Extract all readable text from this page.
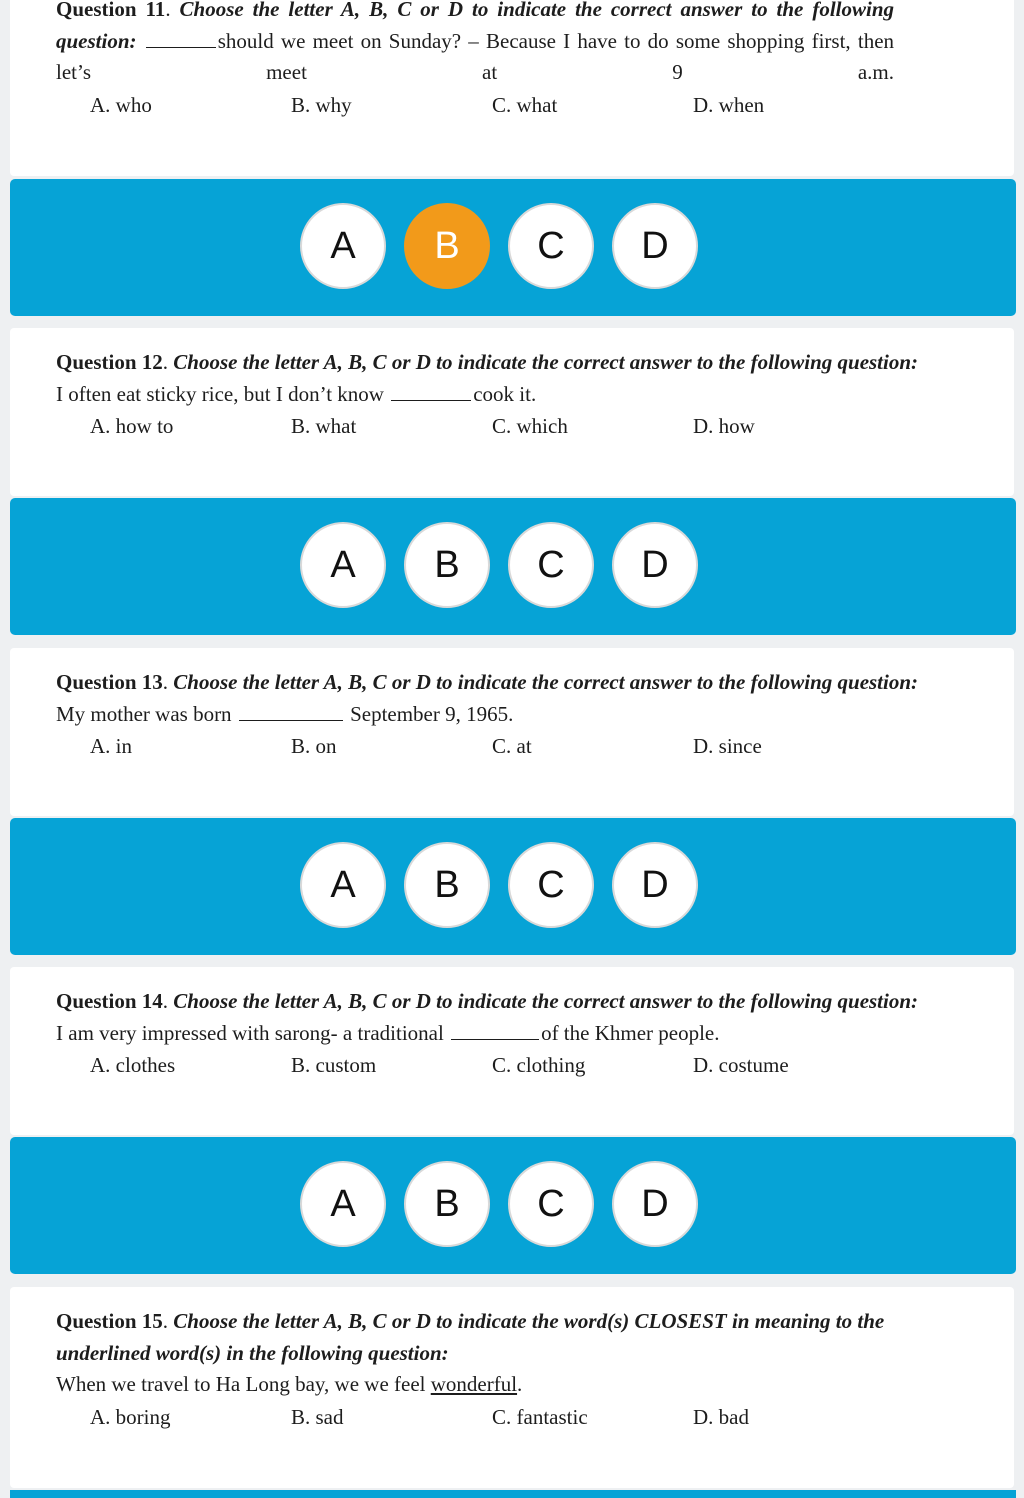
Question 11. Choose the letter A, B, C or D to indicate the correct answer to the following question:	should we meet on Sunday? – Because I have to do some shopping first, then let’s meet at 9 a.m.

A. who	B. why	C. what	D. when
A	B	C	D

Question 12. Choose the letter A, B, C or D to indicate the correct answer to the following question:

I often eat sticky rice, but I don’t know	cook it.

A. how to	B. what	C. which	D. how
A	B	C	D

Question 13. Choose the letter A, B, C or D to indicate the correct answer to the following question:

My mother was born	September 9, 1965.

A. in	B. on	C. at	D. since
A	B	C	D

Question 14. Choose the letter A, B, C or D to indicate the correct answer to the following question:

I am very impressed with sarong- a traditional	of the Khmer people.

A. clothes	B. custom	C. clothing	D. costume
A	B	C	D

Question 15. Choose the letter A, B, C or D to indicate the word(s) CLOSEST in meaning to the underlined word(s) in the following question:

When we travel to Ha Long bay, we we feel wonderful.

A. boring	B. sad	C. fantastic	D. bad
